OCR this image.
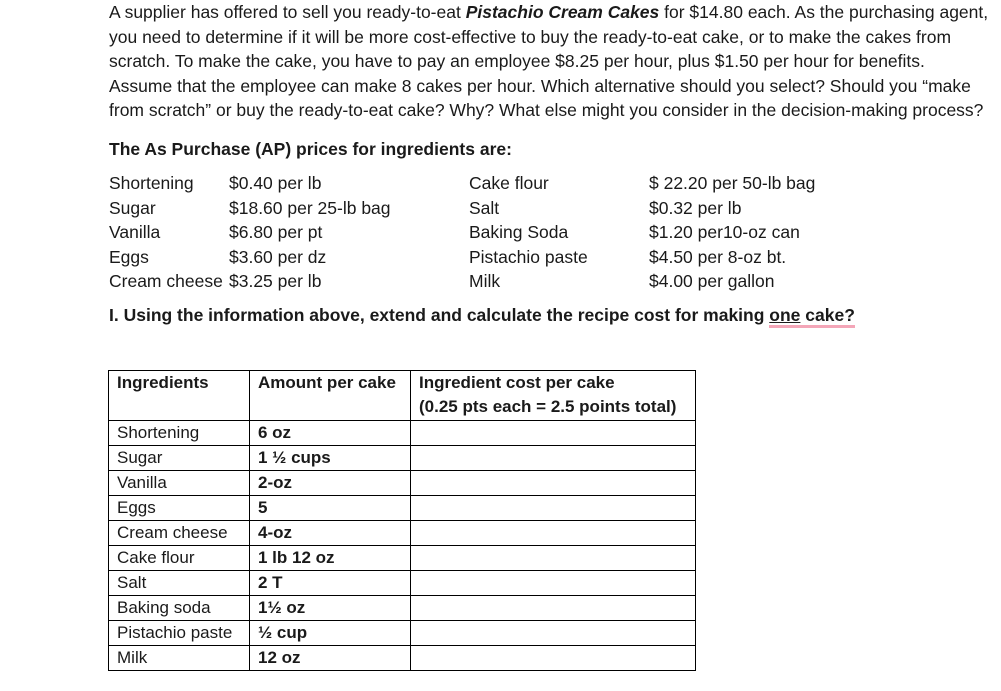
A supplier has offered to sell you ready-to-eat Pistachio Cream Cakes for $14.80 each. As the purchasing agent, you need to determine if it will be more cost-effective to buy the ready-to-eat cake, or to make the cakes from scratch. To make the cake, you have to pay an employee $8.25 per hour, plus $1.50 per hour for benefits. Assume that the employee can make 8 cakes per hour. Which alternative should you select? Should you “make from scratch” or buy the ready-to-eat cake? Why? What else might you consider in the decision-making process?

The As Purchase (AP) prices for ingredients are:

Shortening $0.40 per lb	Cake flour	$ 22.20 per 50-lb bag
Sugar	$18.60 per 25-lb bag	Salt	$0.32 per lb
Vanilla	$6.80 per pt	Baking Soda	$1.20 per10-oz can
Eggs	$3.60 per dz	Pistachio paste	$4.50 per 8-oz bt.
Cream cheese $3.25 per lb	Milk	$4.00 per gallon

I. Using the information above, extend and calculate the recipe cost for making one cake?

Ingredients	Amount per cake	Ingredient cost per cake
(0.25 pts each = 2.5 points total)

Shortening	6 oz	
Sugar	1 ½ cups	
Vanilla	2-oz	
Eggs	5	
Cream cheese	4-oz	
Cake flour	1 lb 12 oz	
Salt	2 T	
Baking soda	1½ oz	
Pistachio paste	½ cup	
Milk	12 oz	
